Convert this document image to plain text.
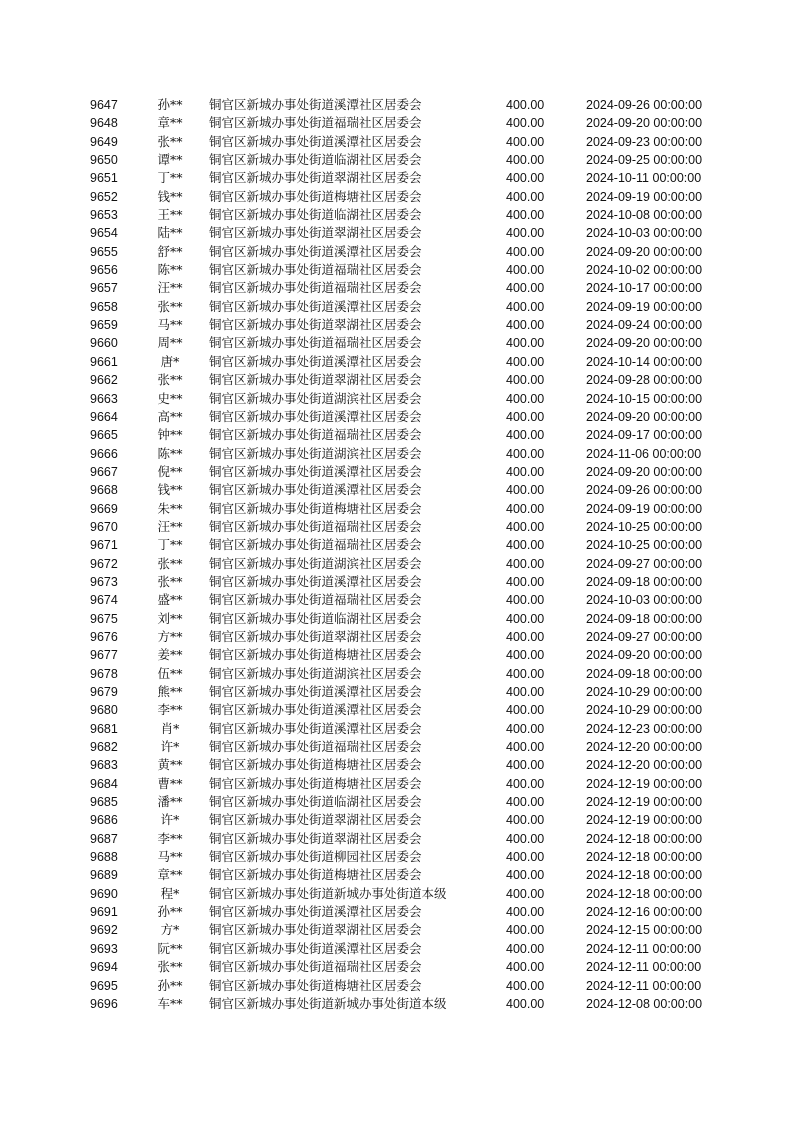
9647	孙**	铜官区新城办事处街道溪潭社区居委会	400.00	2024-09-26 00:00:00
9648	章**	铜官区新城办事处街道福瑞社区居委会	400.00	2024-09-20 00:00:00
9649	张**	铜官区新城办事处街道溪潭社区居委会	400.00	2024-09-23 00:00:00
9650	谭**	铜官区新城办事处街道临湖社区居委会	400.00	2024-09-25 00:00:00
9651	丁**	铜官区新城办事处街道翠湖社区居委会	400.00	2024-10-11 00:00:00
9652	钱**	铜官区新城办事处街道梅塘社区居委会	400.00	2024-09-19 00:00:00
9653	王**	铜官区新城办事处街道临湖社区居委会	400.00	2024-10-08 00:00:00
9654	陆**	铜官区新城办事处街道翠湖社区居委会	400.00	2024-10-03 00:00:00
9655	舒**	铜官区新城办事处街道溪潭社区居委会	400.00	2024-09-20 00:00:00
9656	陈**	铜官区新城办事处街道福瑞社区居委会	400.00	2024-10-02 00:00:00
9657	汪**	铜官区新城办事处街道福瑞社区居委会	400.00	2024-10-17 00:00:00
9658	张**	铜官区新城办事处街道溪潭社区居委会	400.00	2024-09-19 00:00:00
9659	马**	铜官区新城办事处街道翠湖社区居委会	400.00	2024-09-24 00:00:00
9660	周**	铜官区新城办事处街道福瑞社区居委会	400.00	2024-09-20 00:00:00
9661	唐*	铜官区新城办事处街道溪潭社区居委会	400.00	2024-10-14 00:00:00
9662	张**	铜官区新城办事处街道翠湖社区居委会	400.00	2024-09-28 00:00:00
9663	史**	铜官区新城办事处街道湖滨社区居委会	400.00	2024-10-15 00:00:00
9664	高**	铜官区新城办事处街道溪潭社区居委会	400.00	2024-09-20 00:00:00
9665	钟**	铜官区新城办事处街道福瑞社区居委会	400.00	2024-09-17 00:00:00
9666	陈**	铜官区新城办事处街道湖滨社区居委会	400.00	2024-11-06 00:00:00
9667	倪**	铜官区新城办事处街道溪潭社区居委会	400.00	2024-09-20 00:00:00
9668	钱**	铜官区新城办事处街道溪潭社区居委会	400.00	2024-09-26 00:00:00
9669	朱**	铜官区新城办事处街道梅塘社区居委会	400.00	2024-09-19 00:00:00
9670	汪**	铜官区新城办事处街道福瑞社区居委会	400.00	2024-10-25 00:00:00
9671	丁**	铜官区新城办事处街道福瑞社区居委会	400.00	2024-10-25 00:00:00
9672	张**	铜官区新城办事处街道湖滨社区居委会	400.00	2024-09-27 00:00:00
9673	张**	铜官区新城办事处街道溪潭社区居委会	400.00	2024-09-18 00:00:00
9674	盛**	铜官区新城办事处街道福瑞社区居委会	400.00	2024-10-03 00:00:00
9675	刘**	铜官区新城办事处街道临湖社区居委会	400.00	2024-09-18 00:00:00
9676	方**	铜官区新城办事处街道翠湖社区居委会	400.00	2024-09-27 00:00:00
9677	姜**	铜官区新城办事处街道梅塘社区居委会	400.00	2024-09-20 00:00:00
9678	伍**	铜官区新城办事处街道湖滨社区居委会	400.00	2024-09-18 00:00:00
9679	熊**	铜官区新城办事处街道溪潭社区居委会	400.00	2024-10-29 00:00:00
9680	李**	铜官区新城办事处街道溪潭社区居委会	400.00	2024-10-29 00:00:00
9681	肖*	铜官区新城办事处街道溪潭社区居委会	400.00	2024-12-23 00:00:00
9682	许*	铜官区新城办事处街道福瑞社区居委会	400.00	2024-12-20 00:00:00
9683	黄**	铜官区新城办事处街道梅塘社区居委会	400.00	2024-12-20 00:00:00
9684	曹**	铜官区新城办事处街道梅塘社区居委会	400.00	2024-12-19 00:00:00
9685	潘**	铜官区新城办事处街道临湖社区居委会	400.00	2024-12-19 00:00:00
9686	许*	铜官区新城办事处街道翠湖社区居委会	400.00	2024-12-19 00:00:00
9687	李**	铜官区新城办事处街道翠湖社区居委会	400.00	2024-12-18 00:00:00
9688	马**	铜官区新城办事处街道柳园社区居委会	400.00	2024-12-18 00:00:00
9689	章**	铜官区新城办事处街道梅塘社区居委会	400.00	2024-12-18 00:00:00
9690	程*	铜官区新城办事处街道新城办事处街道本级	400.00	2024-12-18 00:00:00
9691	孙**	铜官区新城办事处街道溪潭社区居委会	400.00	2024-12-16 00:00:00
9692	方*	铜官区新城办事处街道翠湖社区居委会	400.00	2024-12-15 00:00:00
9693	阮**	铜官区新城办事处街道溪潭社区居委会	400.00	2024-12-11 00:00:00
9694	张**	铜官区新城办事处街道福瑞社区居委会	400.00	2024-12-11 00:00:00
9695	孙**	铜官区新城办事处街道梅塘社区居委会	400.00	2024-12-11 00:00:00
9696	车**	铜官区新城办事处街道新城办事处街道本级	400.00	2024-12-08 00:00:00
